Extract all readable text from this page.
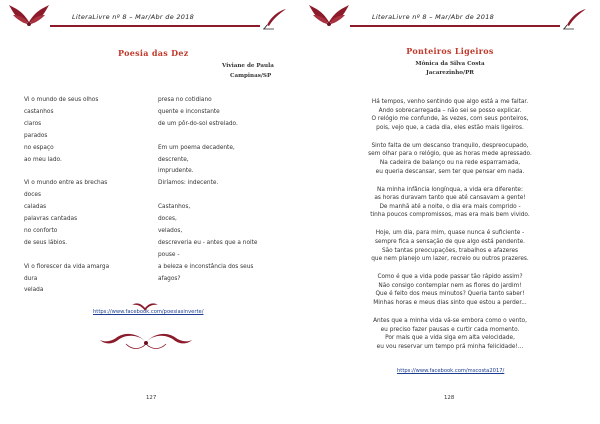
LiteraLivre nº 8 – Mar/Abr de 2018
Poesia das Dez
Viviane de Paula
Campinas/SP
Vi o mundo de seus olhos
castanhos
claros
parados
no espaço
ao meu lado.
Vi o mundo entre as brechas
doces
caladas
palavras cantadas
no conforto
de seus lábios.
Vi o florescer da vida amarga
dura
velada
presa no cotidiano
quente e inconstante
de um pôr-do-sol estrelado.
Em um poema decadente,
descrente,
imprudente.
Diríamos: indecente.
Castanhos,
doces,
velados,
descreveria eu - antes que a noite
pouse -
a beleza e inconstância dos seus
afagos?
https://www.facebook.com/poesiasinverte/
127
LiteraLivre nº 8 – Mar/Abr de 2018
Ponteiros Ligeiros
Mônica da Silva Costa
Jacarezinho/PR
Há tempos, venho sentindo que algo está a me faltar.
Ando sobrecarregada – não sei se posso explicar.
O relógio me confunde, às vezes, com seus ponteiros,
pois, vejo que, a cada dia, eles estão mais ligeiros.
Sinto falta de um descanso tranquilo, despreocupado,
sem olhar para o relógio, que as horas mede apressado.
Na cadeira de balanço ou na rede esparramada,
eu queria descansar, sem ter que pensar em nada.
Na minha infância longínqua, a vida era diferente:
as horas duravam tanto que até cansavam a gente!
De manhã até a noite, o dia era mais comprido -
tinha poucos compromissos, mas era mais bem vivido.
Hoje, um dia, para mim, quase nunca é suficiente -
sempre fica a sensação de que algo está pendente.
São tantas preocupações, trabalhos e afazeres
que nem planejo um lazer, recreio ou outros prazeres.
Como é que a vida pode passar tão rápido assim?
Não consigo contemplar nem as flores do jardim!
Que é feito dos meus minutos? Queria tanto saber!
Minhas horas e meus dias sinto que estou a perder...
Antes que a minha vida vá-se embora como o vento,
eu preciso fazer pausas e curtir cada momento.
Por mais que a vida siga em alta velocidade,
eu vou reservar um tempo prá minha felicidade!...
https://www.facebook.com/mscosta2017/
128
